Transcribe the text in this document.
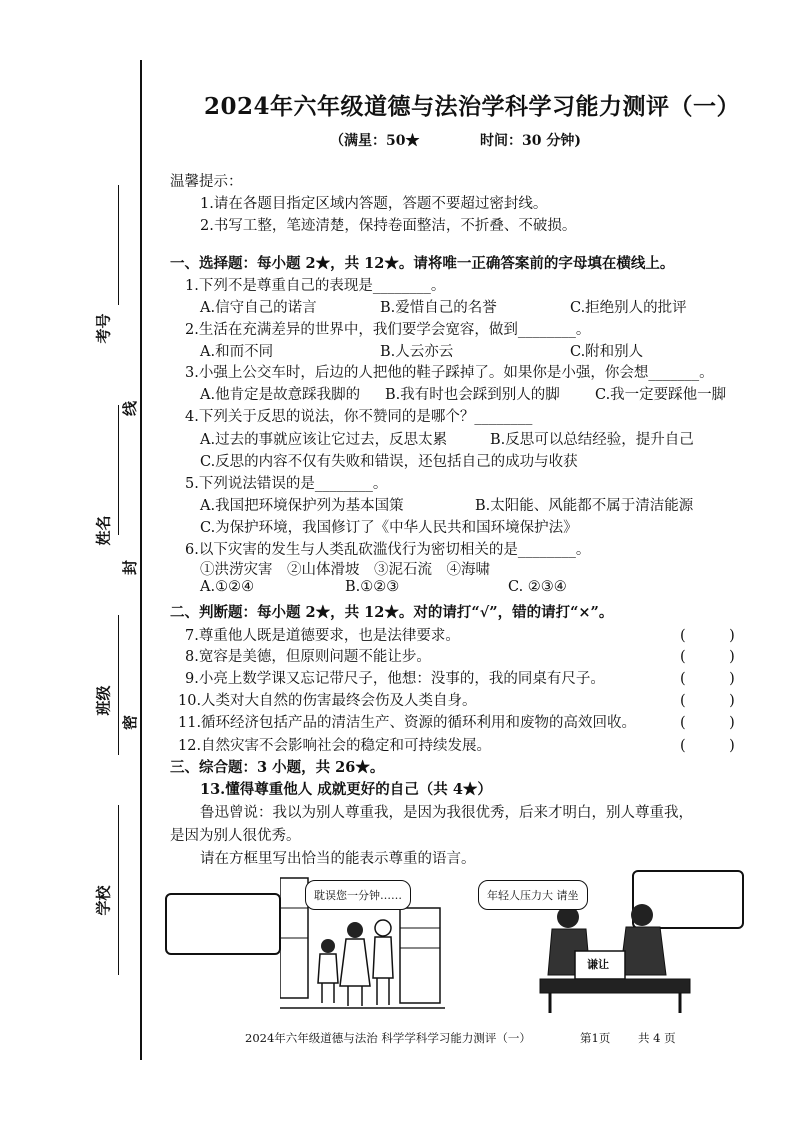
考号
线
姓名
封
班级
密
学校
2024年六年级道德与法治学科学习能力测评（一）
（满星：50★	时间：30 分钟)
温馨提示：
1.请在各题目指定区域内答题，答题不要超过密封线。
2.书写工整，笔迹清楚，保持卷面整洁，不折叠、不破损。
一、选择题：每小题 2★，共 12★。请将唯一正确答案前的字母填在横线上。
1.下列不是尊重自己的表现是________。
A.信守自己的诺言	B.爱惜自己的名誉	C.拒绝别人的批评
2.生活在充满差异的世界中，我们要学会宽容，做到________。
A.和而不同	B.人云亦云	C.附和别人
3.小强上公交车时，后边的人把他的鞋子踩掉了。如果你是小强，你会想_______。
A.他肯定是故意踩我脚的 B.我有时也会踩到别人的脚 C.我一定要踩他一脚
4.下列关于反思的说法，你不赞同的是哪个？________
A.过去的事就应该让它过去，反思太累	B.反思可以总结经验，提升自己
C.反思的内容不仅有失败和错误，还包括自己的成功与收获
5.下列说法错误的是________。
A.我国把环境保护列为基本国策	B.太阳能、风能都不属于清洁能源
C.为保护环境，我国修订了《中华人民共和国环境保护法》
6.以下灾害的发生与人类乱砍滥伐行为密切相关的是________。
①洪涝灾害　②山体滑坡　③泥石流　④海啸
A.①②④	B.①②③	C. ②③④
二、判断题：每小题 2★，共 12★。对的请打“√”，错的请打“×”。
7.尊重他人既是道德要求，也是法律要求。	(　　　)
8.宽容是美德，但原则问题不能让步。	(　　　)
9.小亮上数学课又忘记带尺子，他想：没事的，我的同桌有尺子。	(　　　)
10.人类对大自然的伤害最终会伤及人类自身。	(　　　)
11.循环经济包括产品的清洁生产、资源的循环利用和废物的高效回收。	(　　　)
12.自然灾害不会影响社会的稳定和可持续发展。	(　　　)
三、综合题：3 小题，共 26★。
13.懂得尊重他人 成就更好的自己（共 4★）
鲁迅曾说：我以为别人尊重我，是因为我很优秀，后来才明白，别人尊重我，
是因为别人很优秀。
请在方框里写出恰当的能表示尊重的语言。
耽误您一分钟……
谦让
年轻人压力大 请坐
2024年六年级道德与法治 科学学科学习能力测评（一）	第1页 共 4 页
